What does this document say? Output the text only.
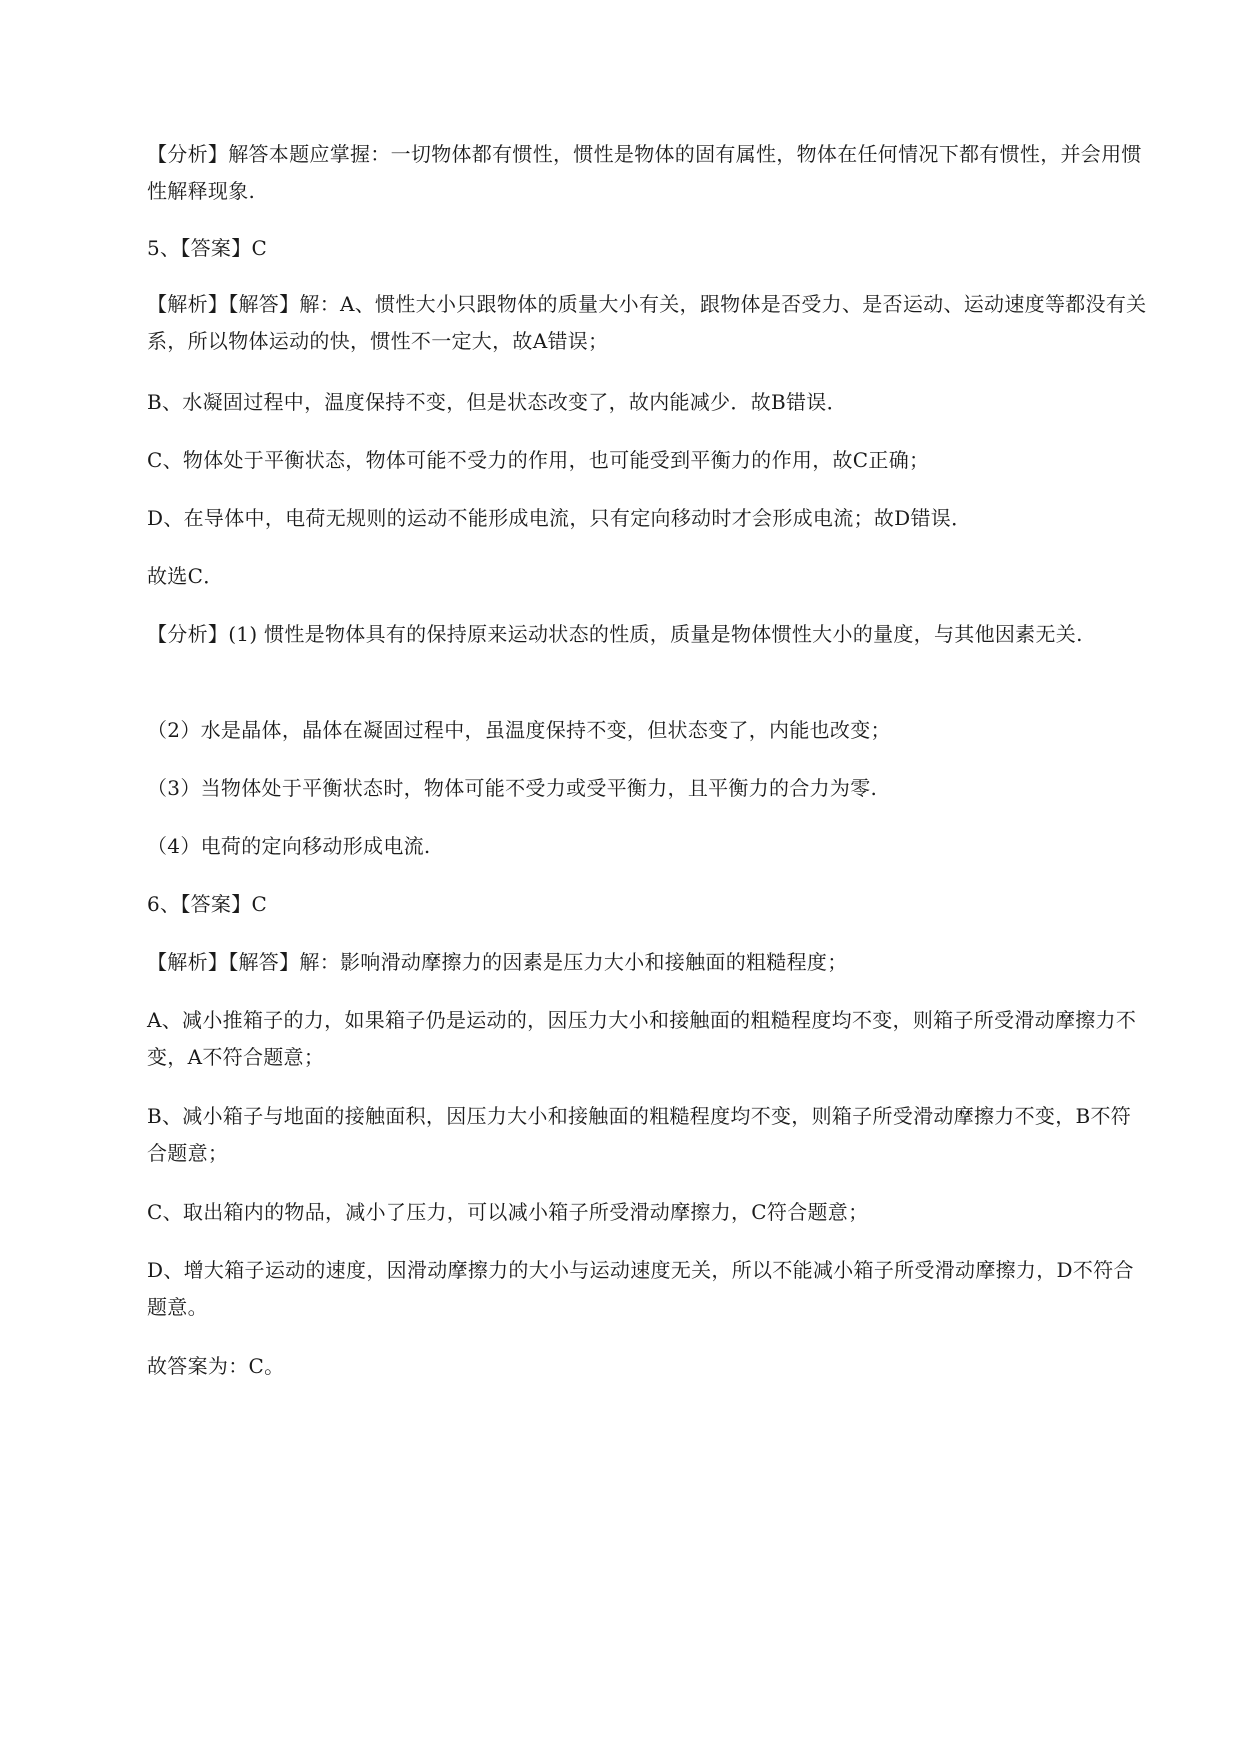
【分析】解答本题应掌握：一切物体都有惯性，惯性是物体的固有属性，物体在任何情况下都有惯性，并会用惯性解释现象.

5、【答案】C

【解析】【解答】解：A、惯性大小只跟物体的质量大小有关，跟物体是否受力、是否运动、运动速度等都没有关系，所以物体运动的快，惯性不一定大，故A错误；

B、水凝固过程中，温度保持不变，但是状态改变了，故内能减少．故B错误．

C、物体处于平衡状态，物体可能不受力的作用，也可能受到平衡力的作用，故C正确；

D、在导体中，电荷无规则的运动不能形成电流，只有定向移动时才会形成电流；故D错误．

故选C．

【分析】(1) 惯性是物体具有的保持原来运动状态的性质，质量是物体惯性大小的量度，与其他因素无关.

（2）水是晶体，晶体在凝固过程中，虽温度保持不变，但状态变了，内能也改变；

（3）当物体处于平衡状态时，物体可能不受力或受平衡力，且平衡力的合力为零.

（4）电荷的定向移动形成电流.

6、【答案】C

【解析】【解答】解：影响滑动摩擦力的因素是压力大小和接触面的粗糙程度；

A、减小推箱子的力，如果箱子仍是运动的，因压力大小和接触面的粗糙程度均不变，则箱子所受滑动摩擦力不变，A不符合题意；

B、减小箱子与地面的接触面积，因压力大小和接触面的粗糙程度均不变，则箱子所受滑动摩擦力不变，B不符合题意；

C、取出箱内的物品，减小了压力，可以减小箱子所受滑动摩擦力，C符合题意；

D、增大箱子运动的速度，因滑动摩擦力的大小与运动速度无关，所以不能减小箱子所受滑动摩擦力，D不符合题意。

故答案为：C。
